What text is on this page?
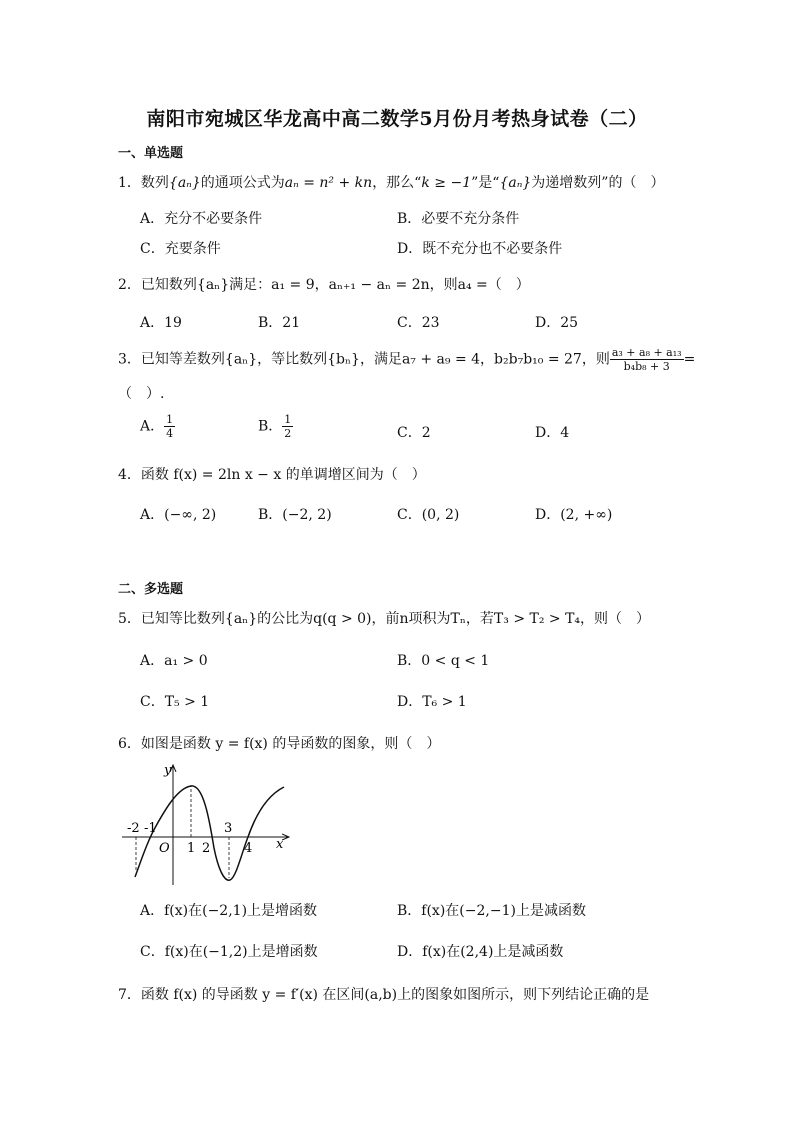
南阳市宛城区华龙高中高二数学5月份月考热身试卷（二）
一、单选题
1．数列{aₙ}的通项公式为aₙ = n² + kn，那么“k ≥ −1”是“{aₙ}为递增数列”的（　）
A．充分不必要条件	B．必要不充分条件
C．充要条件	D．既不充分也不必要条件
2．已知数列{aₙ}满足：a₁ = 9，aₙ₊₁ − aₙ = 2n，则a₄ =（　）
A．19	B．21	C．23	D．25
3．已知等差数列{aₙ}，等比数列{bₙ}，满足a₇ + a₉ = 4，b₂b₇b₁₀ = 27，则 $\frac{\text{a₃ + a₈ + a₁₃}}{\text{b₄b₈ + 3}}$ =
（　）.
A． $\frac{1}{4}$	B． $\frac{1}{2}$	C．2	D．4
4．函数 f(x) = 2ln x − x 的单调增区间为（　）
A．(−∞, 2)	B．(−2, 2)	C．(0, 2)	D．(2, +∞)
二、多选题
5．已知等比数列{aₙ}的公比为q(q > 0)，前n项积为Tₙ，若T₃ > T₂ > T₄，则（　）
A．a₁ > 0	B．0 < q < 1
C．T₅ > 1	D．T₆ > 1
6．如图是函数 y = f(x) 的导函数的图象，则（　）
y
x
O
-2 -1
1 2
3
4
A．f(x)在(−2,1)上是增函数	B．f(x)在(−2,−1)上是减函数
C．f(x)在(−1,2)上是增函数	D．f(x)在(2,4)上是减函数
7．函数 f(x) 的导函数 y = f′(x) 在区间(a,b)上的图象如图所示，则下列结论正确的是
